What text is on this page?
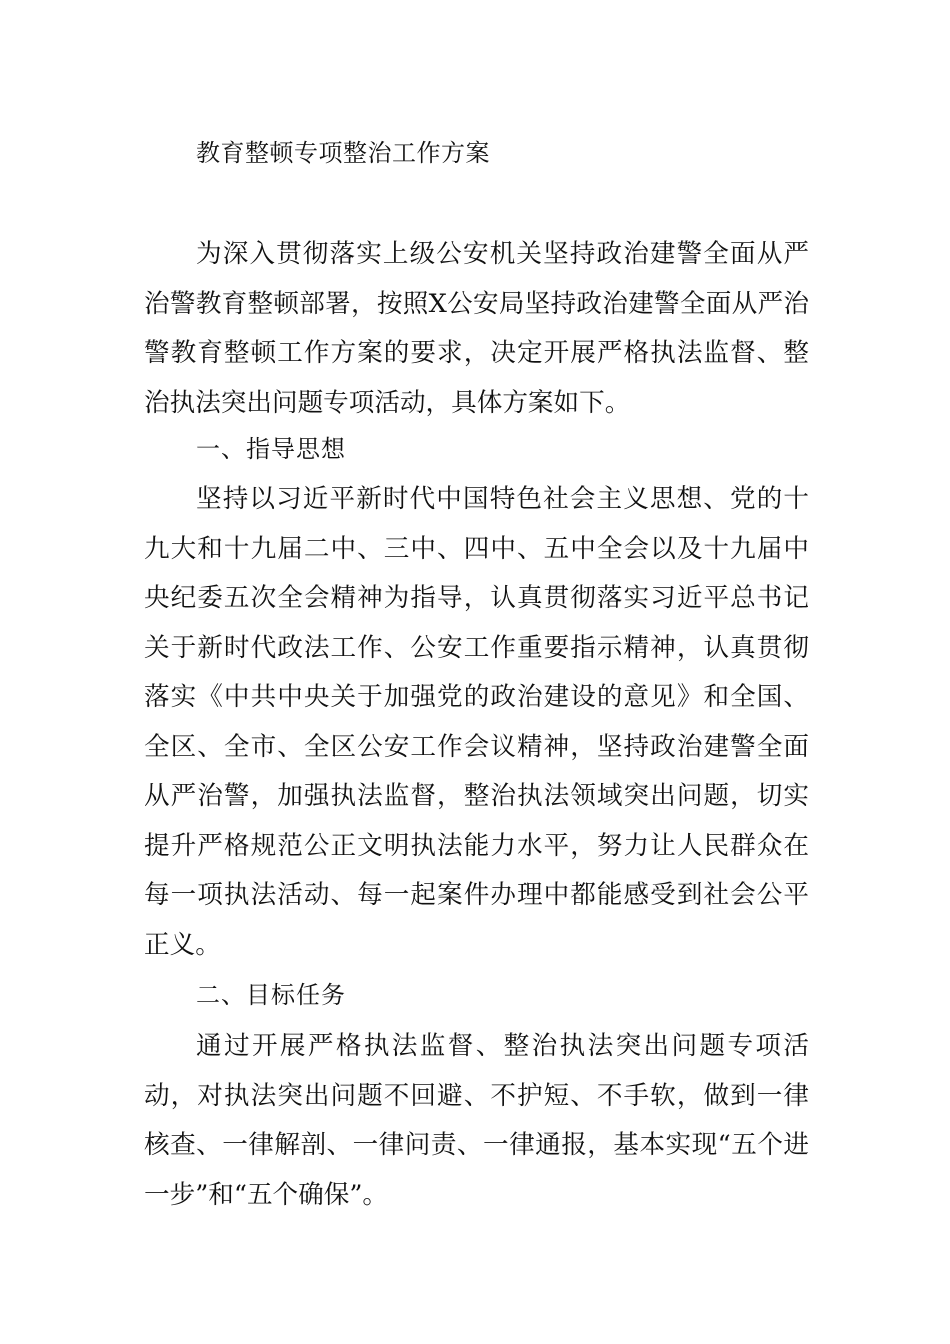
教育整顿专项整治工作方案

为深入贯彻落实上级公安机关坚持政治建警全面从严治警教育整顿部署，按照X公安局坚持政治建警全面从严治警教育整顿工作方案的要求，决定开展严格执法监督、整治执法突出问题专项活动，具体方案如下。

一、指导思想

坚持以习近平新时代中国特色社会主义思想、党的十九大和十九届二中、三中、四中、五中全会以及十九届中央纪委五次全会精神为指导，认真贯彻落实习近平总书记关于新时代政法工作、公安工作重要指示精神，认真贯彻落实《中共中央关于加强党的政治建设的意见》和全国、全区、全市、全区公安工作会议精神，坚持政治建警全面从严治警，加强执法监督，整治执法领域突出问题，切实提升严格规范公正文明执法能力水平，努力让人民群众在每一项执法活动、每一起案件办理中都能感受到社会公平正义。

二、目标任务

通过开展严格执法监督、整治执法突出问题专项活动，对执法突出问题不回避、不护短、不手软，做到一律核查、一律解剖、一律问责、一律通报，基本实现“五个进一步”和“五个确保”。
